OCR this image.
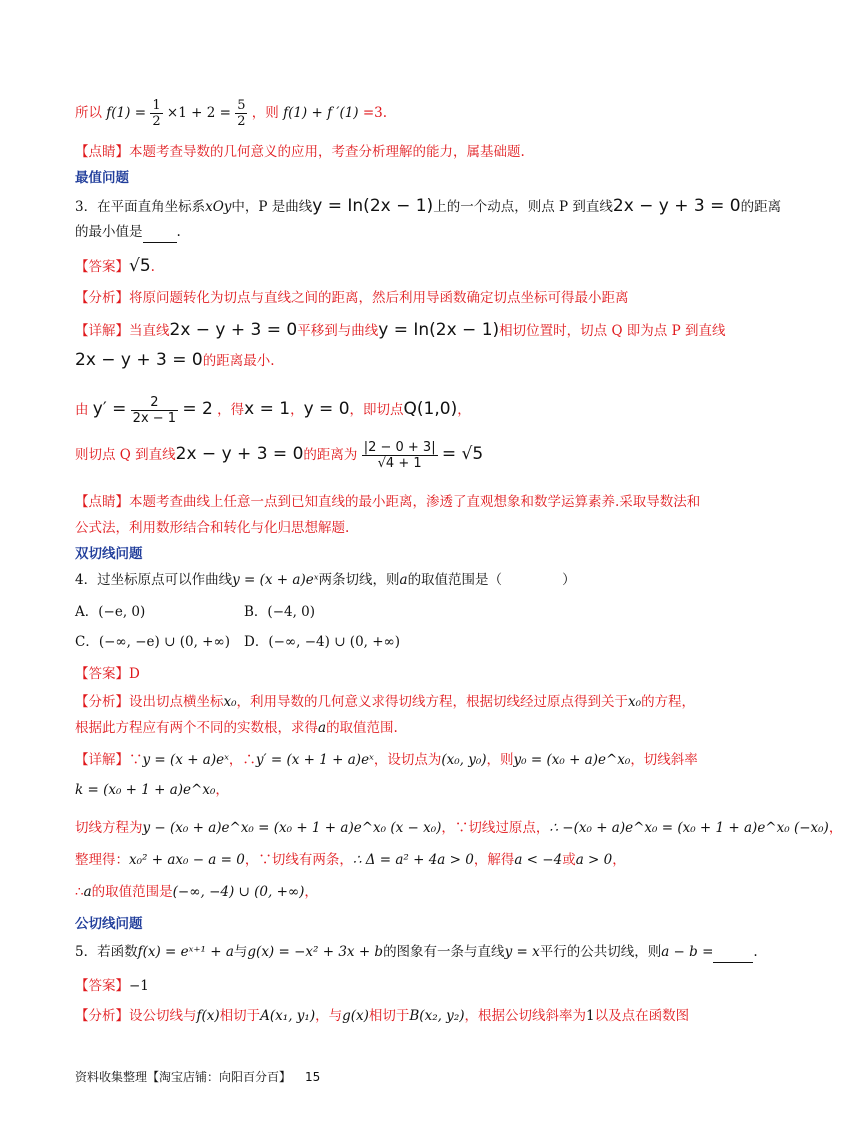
所以 $f(1) = \frac{1}{2} \times 1 + 2 = \frac{5}{2}$ ，则 f(1) + f ′(1) =3.
【点睛】本题考查导数的几何意义的应用，考查分析理解的能力，属基础题.
最值问题
3．在平面直角坐标系xOy中，P 是曲线y = In(2x − 1)上的一个动点，则点 P 到直线2x − y + 3 = 0的距离
的最小值是	.
【答案】√5.
【分析】将原问题转化为切点与直线之间的距离，然后利用导函数确定切点坐标可得最小距离
【详解】当直线2x − y + 3 = 0平移到与曲线y = In(2x − 1)相切位置时，切点 Q 即为点 P 到直线
2x − y + 3 = 0的距离最小.
由 $y' = \frac{2}{2x - 1} = 2$ ，得x = 1，y = 0，即切点Q(1,0)，
则切点 Q 到直线2x − y + 3 = 0的距离为 $\frac{|2 - 0 + 3|}{√4 + 1} = √5$
【点睛】本题考查曲线上任意一点到已知直线的最小距离，渗透了直观想象和数学运算素养.采取导数法和
公式法，利用数形结合和转化与化归思想解题.
双切线问题
4．过坐标原点可以作曲线y = (x + a)eˣ两条切线，则a的取值范围是（	）
A．(−e, 0)	B．(−4, 0)
C．(−∞, −e) ∪ (0, +∞) D．(−∞, −4) ∪ (0, +∞)
【答案】D
【分析】设出切点横坐标x₀，利用导数的几何意义求得切线方程，根据切线经过原点得到关于x₀的方程，
根据此方程应有两个不同的实数根，求得a的取值范围.
【详解】∵y = (x + a)eˣ，∴y′ = (x + 1 + a)eˣ，设切点为(x₀, y₀)，则y₀ = (x₀ + a)e^x₀，切线斜率
k = (x₀ + 1 + a)e^x₀，
切线方程为y − (x₀ + a)e^x₀ = (x₀ + 1 + a)e^x₀ (x − x₀)，∵切线过原点，∴ −(x₀ + a)e^x₀ = (x₀ + 1 + a)e^x₀ (−x₀)，
整理得：x₀² + ax₀ − a = 0，∵切线有两条，∴ Δ = a² + 4a > 0，解得a < −4或a > 0，
∴a的取值范围是(−∞, −4) ∪ (0, +∞)，
公切线问题
5．若函数f(x) = eˣ⁺¹ + a与g(x) = −x² + 3x + b的图象有一条与直线y = x平行的公共切线，则a − b =	.
【答案】−1
【分析】设公切线与f(x)相切于A(x₁, y₁)，与g(x)相切于B(x₂, y₂)，根据公切线斜率为1以及点在函数图
资料收集整理【淘宝店铺：向阳百分百】 15
